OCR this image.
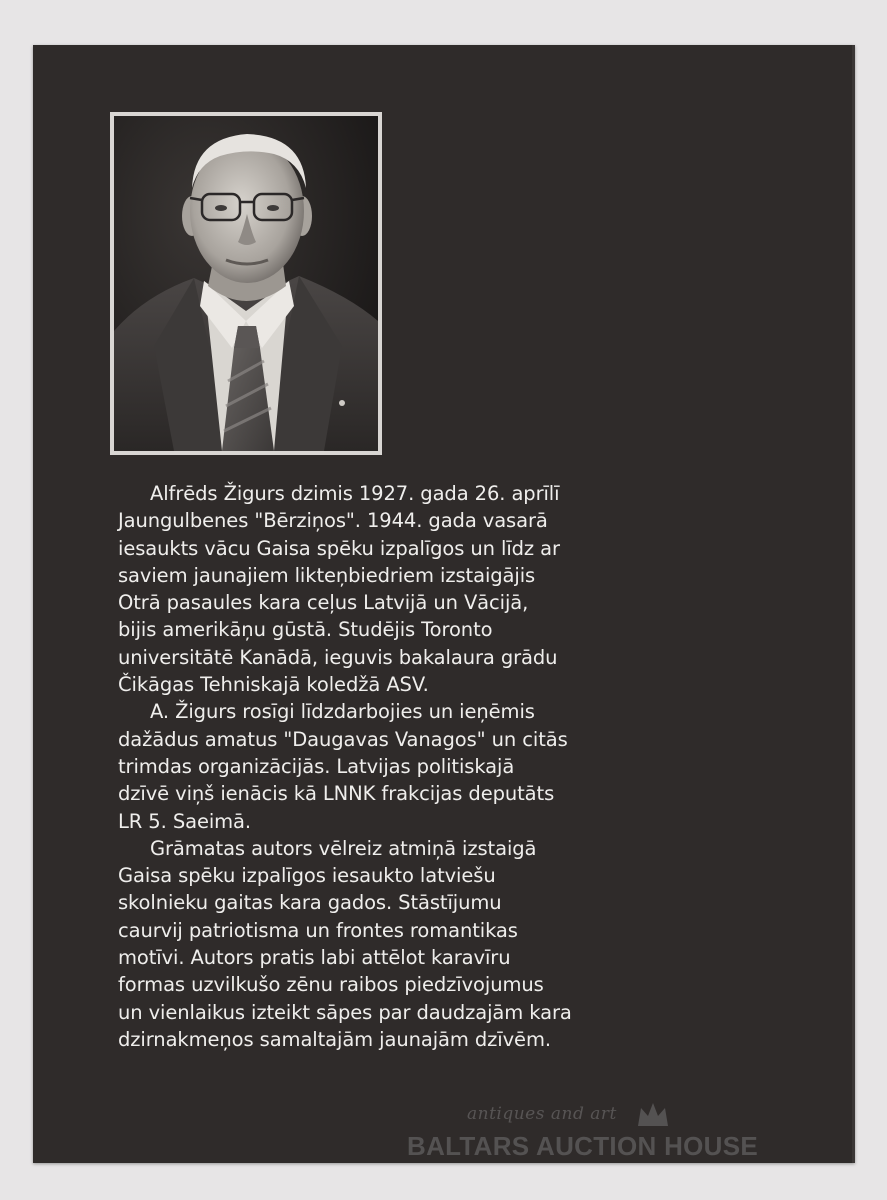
Alfrēds Žigurs dzimis 1927. gada 26. aprīlī
Jaungulbenes "Bērziņos". 1944. gada vasarā
iesaukts vācu Gaisa spēku izpalīgos un līdz ar
saviem jaunajiem likteņbiedriem izstaigājis
Otrā pasaules kara ceļus Latvijā un Vācijā,
bijis amerikāņu gūstā. Studējis Toronto
universitātē Kanādā, ieguvis bakalaura grādu
Čikāgas Tehniskajā koledžā ASV.

A. Žigurs rosīgi līdzdarbojies un ieņēmis
dažādus amatus "Daugavas Vanagos" un citās
trimdas organizācijās. Latvijas politiskajā
dzīvē viņš ienācis kā LNNK frakcijas deputāts
LR 5. Saeimā.

Grāmatas autors vēlreiz atmiņā izstaigā
Gaisa spēku izpalīgos iesaukto latviešu
skolnieku gaitas kara gados. Stāstījumu
caurvij patriotisma un frontes romantikas
motīvi. Autors pratis labi attēlot karavīru
formas uzvilkušo zēnu raibos piedzīvojumus
un vienlaikus izteikt sāpes par daudzajām kara
dzirnakmeņos samaltajām jaunajām dzīvēm.

antiques and art
BALTARS AUCTION HOUSE
